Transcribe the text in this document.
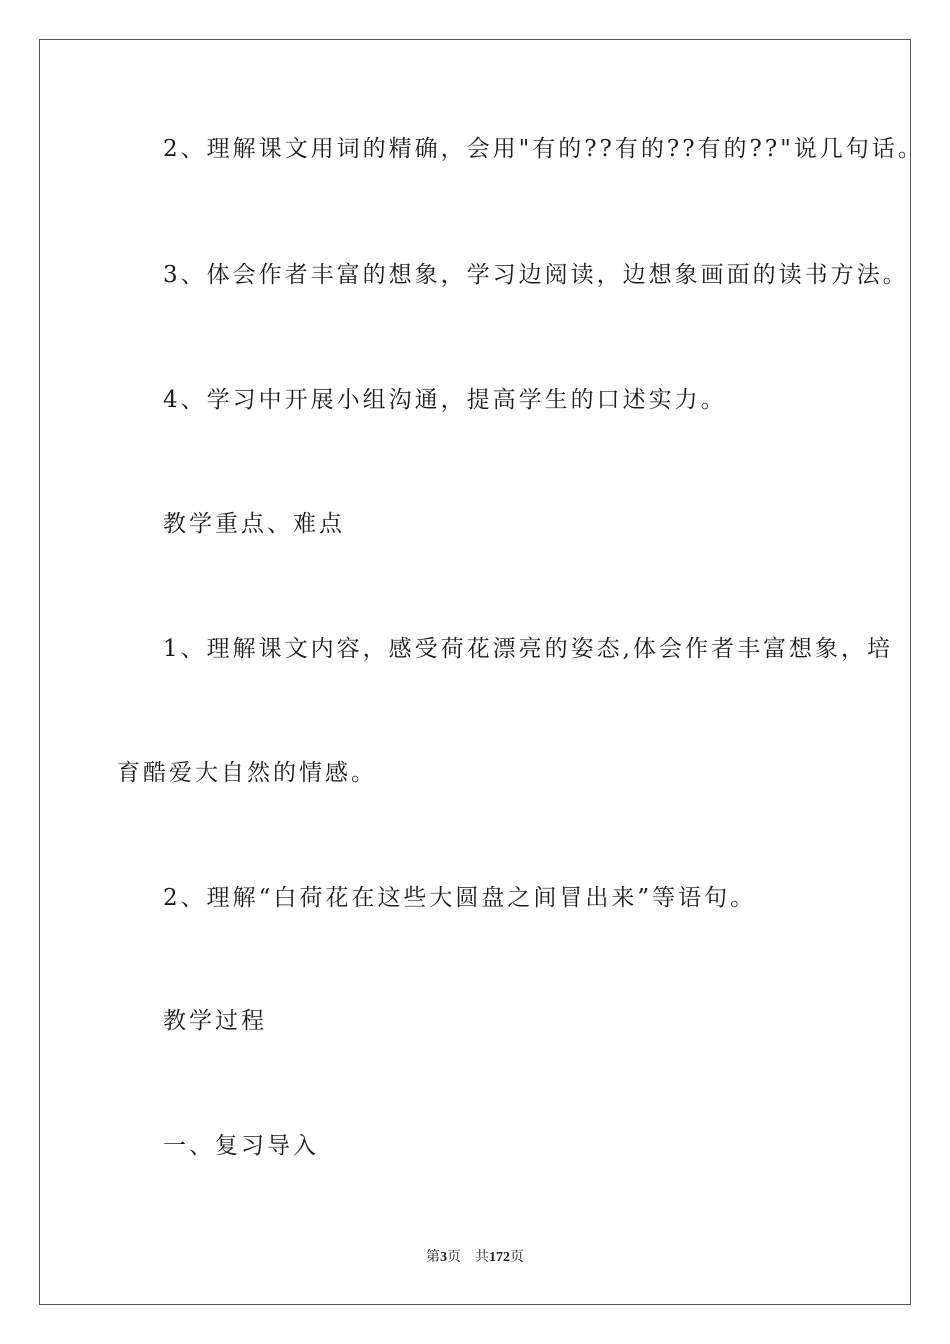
2、理解课文用词的精确，会用"有的??有的??有的??"说几句话。
3、体会作者丰富的想象，学习边阅读，边想象画面的读书方法。
4、学习中开展小组沟通，提高学生的口述实力。
教学重点、难点
1、理解课文内容，感受荷花漂亮的姿态,体会作者丰富想象，培
育酷爱大自然的情感。
2、理解“白荷花在这些大圆盘之间冒出来”等语句。
教学过程
一、复习导入
第3页 共172页
